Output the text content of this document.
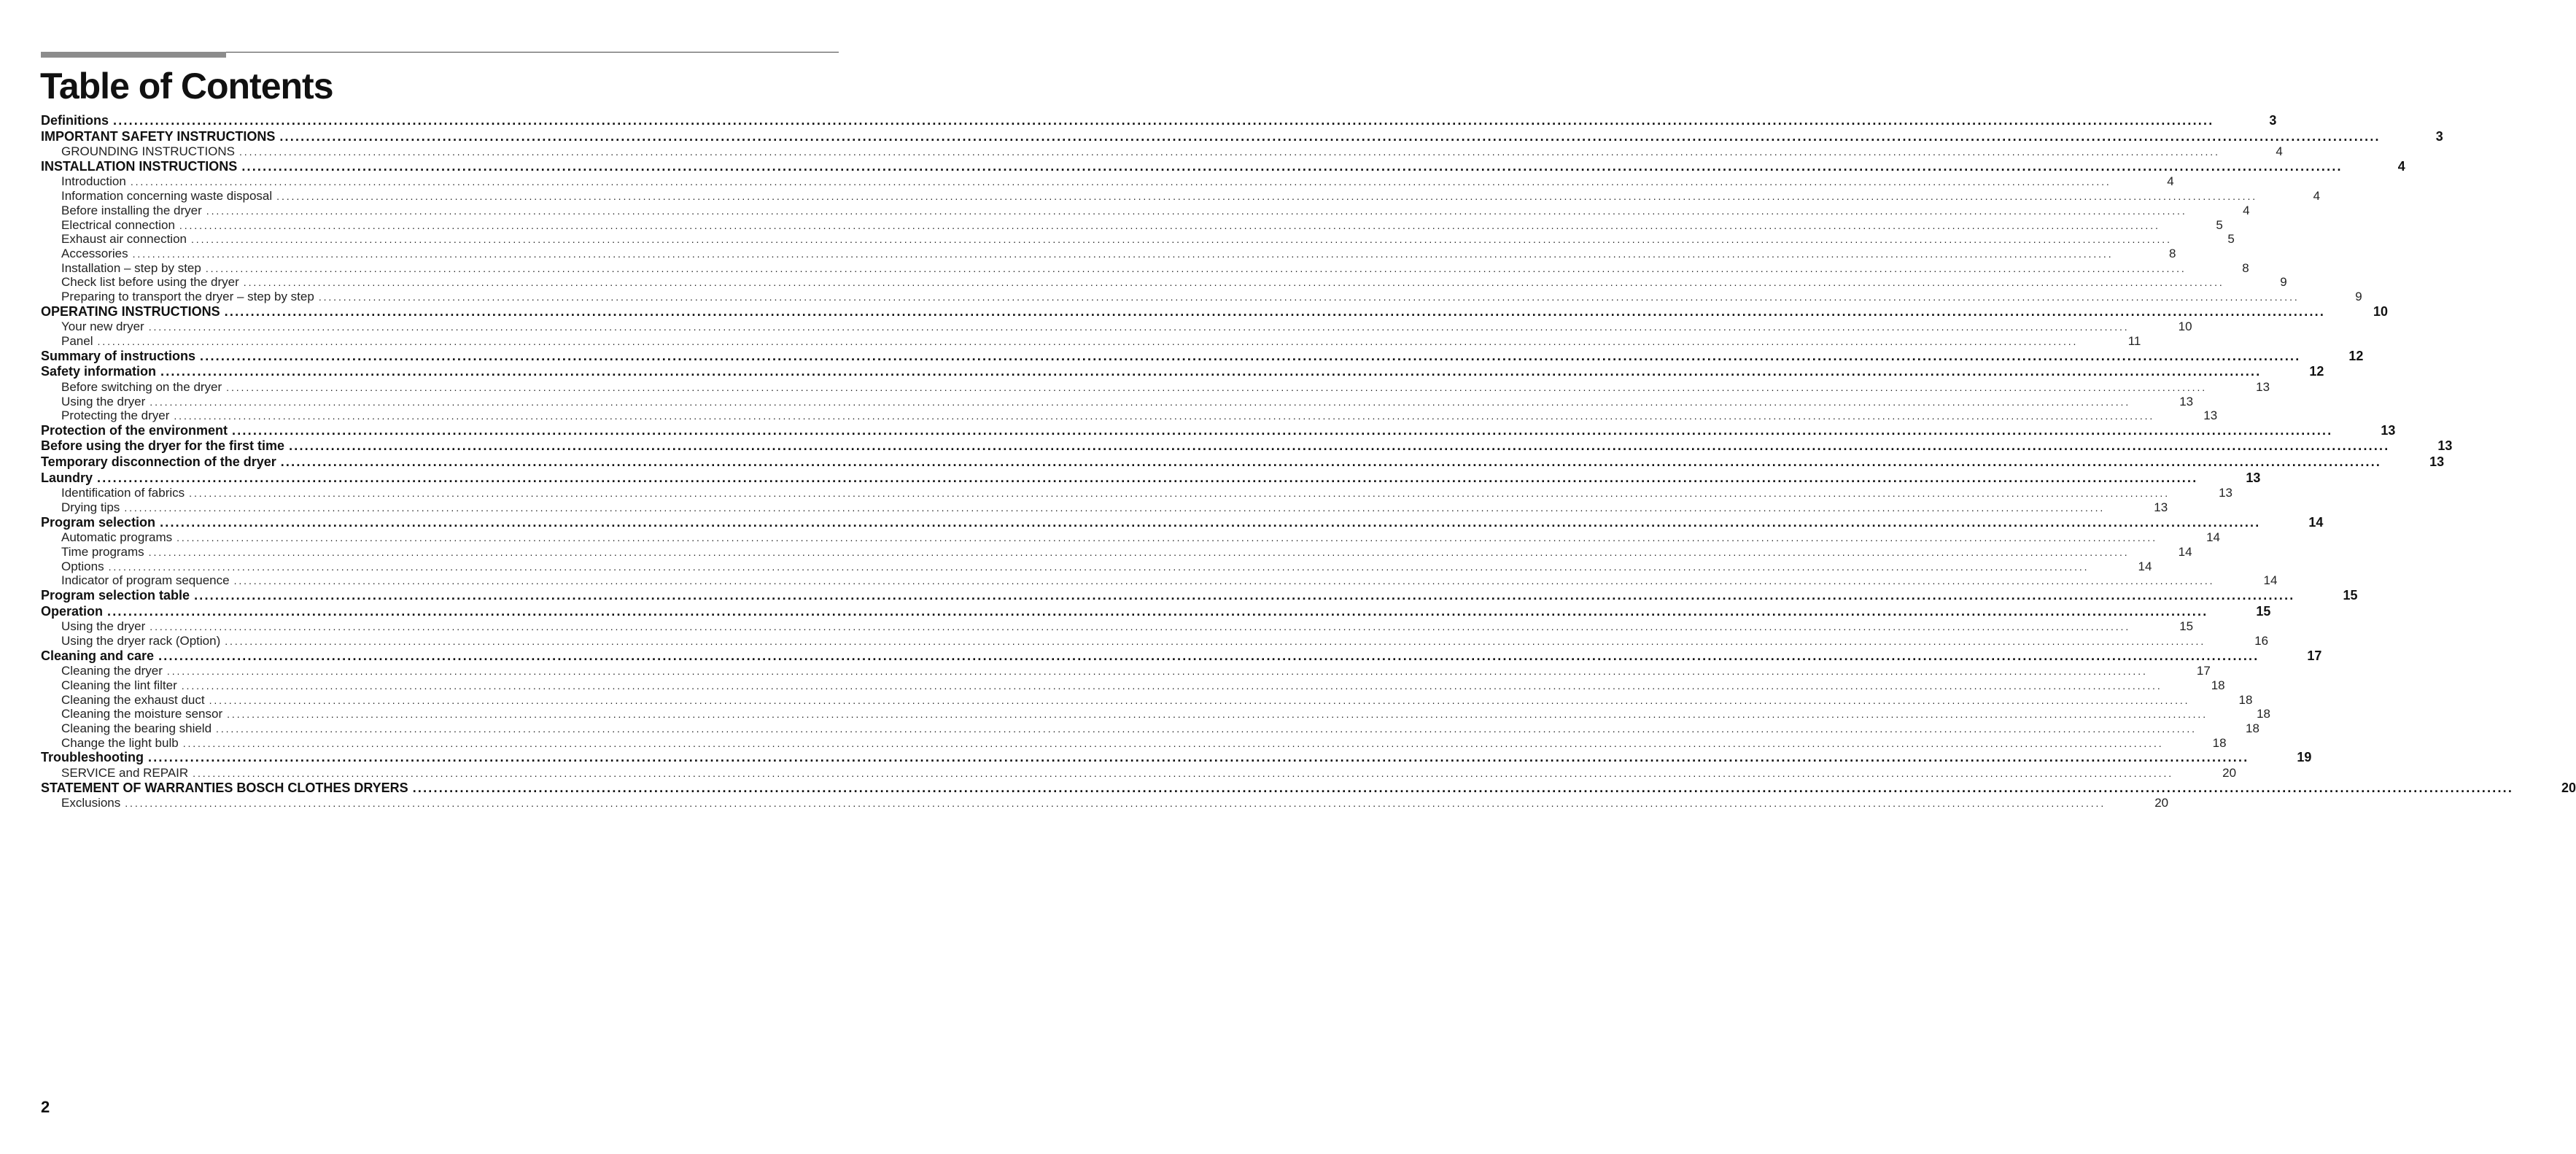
Table of Contents
Definitions ................................................................................................................................................................................................................................................................................................................................................................................................................	3
IMPORTANT SAFETY INSTRUCTIONS ................................................................................................................................................................................................................................................................................................................................................................................................................	3
GROUNDING INSTRUCTIONS ................................................................................................................................................................................................................................................................................................................................................................................................................	4
INSTALLATION INSTRUCTIONS ................................................................................................................................................................................................................................................................................................................................................................................................................	4
Introduction ................................................................................................................................................................................................................................................................................................................................................................................................................	4
Information concerning waste disposal ................................................................................................................................................................................................................................................................................................................................................................................................................	4
Before installing the dryer ................................................................................................................................................................................................................................................................................................................................................................................................................	4
Electrical connection ................................................................................................................................................................................................................................................................................................................................................................................................................	5
Exhaust air connection ................................................................................................................................................................................................................................................................................................................................................................................................................	5
Accessories ................................................................................................................................................................................................................................................................................................................................................................................................................	8
Installation – step by step ................................................................................................................................................................................................................................................................................................................................................................................................................	8
Check list before using the dryer ................................................................................................................................................................................................................................................................................................................................................................................................................	9
Preparing to transport the dryer – step by step ................................................................................................................................................................................................................................................................................................................................................................................................................	9
OPERATING INSTRUCTIONS ................................................................................................................................................................................................................................................................................................................................................................................................................	10
Your new dryer ................................................................................................................................................................................................................................................................................................................................................................................................................	10
Panel ................................................................................................................................................................................................................................................................................................................................................................................................................	11
Summary of instructions ................................................................................................................................................................................................................................................................................................................................................................................................................	12
Safety information ................................................................................................................................................................................................................................................................................................................................................................................................................	12
Before switching on the dryer ................................................................................................................................................................................................................................................................................................................................................................................................................	13
Using the dryer ................................................................................................................................................................................................................................................................................................................................................................................................................	13
Protecting the dryer ................................................................................................................................................................................................................................................................................................................................................................................................................	13
Protection of the environment ................................................................................................................................................................................................................................................................................................................................................................................................................	13
Before using the dryer for the first time ................................................................................................................................................................................................................................................................................................................................................................................................................	13
Temporary disconnection of the dryer ................................................................................................................................................................................................................................................................................................................................................................................................................	13
Laundry ................................................................................................................................................................................................................................................................................................................................................................................................................	13
Identification of fabrics ................................................................................................................................................................................................................................................................................................................................................................................................................	13
Drying tips ................................................................................................................................................................................................................................................................................................................................................................................................................	13
Program selection ................................................................................................................................................................................................................................................................................................................................................................................................................	14
Automatic programs ................................................................................................................................................................................................................................................................................................................................................................................................................	14
Time programs ................................................................................................................................................................................................................................................................................................................................................................................................................	14
Options ................................................................................................................................................................................................................................................................................................................................................................................................................	14
Indicator of program sequence ................................................................................................................................................................................................................................................................................................................................................................................................................	14
Program selection table ................................................................................................................................................................................................................................................................................................................................................................................................................	15
Operation ................................................................................................................................................................................................................................................................................................................................................................................................................	15
Using the dryer ................................................................................................................................................................................................................................................................................................................................................................................................................	15
Using the dryer rack (Option) ................................................................................................................................................................................................................................................................................................................................................................................................................	16
Cleaning and care ................................................................................................................................................................................................................................................................................................................................................................................................................	17
Cleaning the dryer ................................................................................................................................................................................................................................................................................................................................................................................................................	17
Cleaning the lint filter ................................................................................................................................................................................................................................................................................................................................................................................................................	18
Cleaning the exhaust duct ................................................................................................................................................................................................................................................................................................................................................................................................................	18
Cleaning the moisture sensor ................................................................................................................................................................................................................................................................................................................................................................................................................	18
Cleaning the bearing shield ................................................................................................................................................................................................................................................................................................................................................................................................................	18
Change the light bulb ................................................................................................................................................................................................................................................................................................................................................................................................................	18
Troubleshooting ................................................................................................................................................................................................................................................................................................................................................................................................................	19
SERVICE and REPAIR ................................................................................................................................................................................................................................................................................................................................................................................................................	20
STATEMENT OF WARRANTIES BOSCH CLOTHES DRYERS ................................................................................................................................................................................................................................................................................................................................................................................................................	20
Exclusions ................................................................................................................................................................................................................................................................................................................................................................................................................	20
2
